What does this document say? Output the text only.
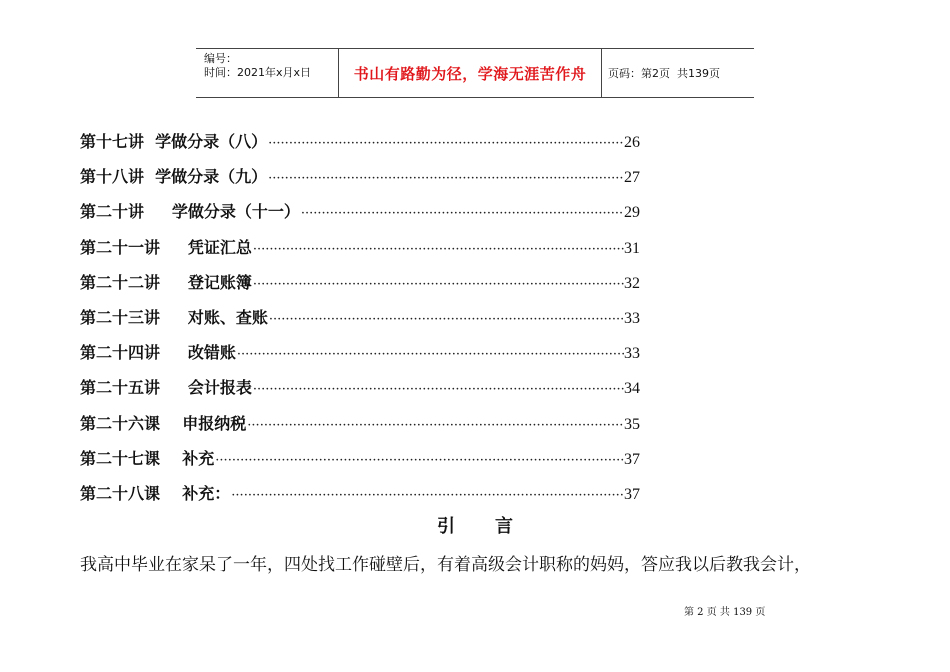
编号：
时间：2021年x月x日	书山有路勤为径，学海无涯苦作舟	页码：第2页  共139页
第十七讲  学做分录（八） ·····	26
第十八讲  学做分录（九） ·····	27
第二十讲     学做分录（十一） ·····	29
第二十一讲     凭证汇总 ·····	31
第二十二讲     登记账簿 ·····	32
第二十三讲     对账、查账 ·····	33
第二十四讲     改错账 ·····	33
第二十五讲     会计报表 ·····	34
第二十六课    申报纳税 ·····	35
第二十七课    补充 ·····	37
第二十八课    补充： ·····	37
引 言
我高中毕业在家呆了一年，四处找工作碰壁后，有着高级会计职称的妈妈，答应我以后教我会计，
第 2 页 共 139 页
